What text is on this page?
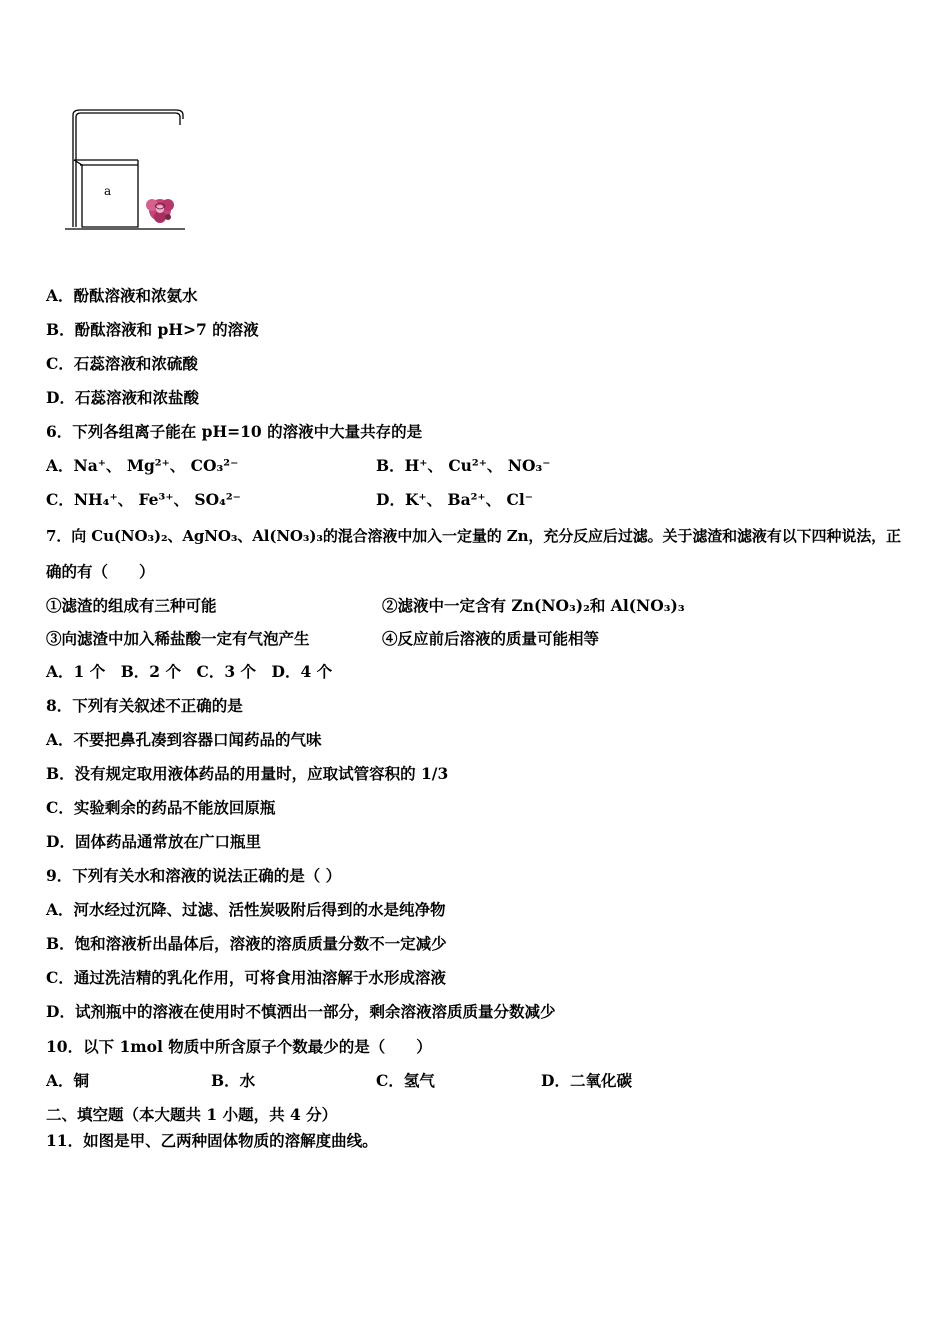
a
A．酚酞溶液和浓氨水
B．酚酞溶液和 pH>7 的溶液
C．石蕊溶液和浓硫酸
D．石蕊溶液和浓盐酸
6．下列各组离子能在 pH=10 的溶液中大量共存的是
A．Na⁺、 Mg²⁺、 CO₃²⁻	B．H⁺、 Cu²⁺、 NO₃⁻
C．NH₄⁺、 Fe³⁺、 SO₄²⁻	D．K⁺、 Ba²⁺、 Cl⁻
7．向 Cu(NO₃)₂、AgNO₃、Al(NO₃)₃的混合溶液中加入一定量的 Zn，充分反应后过滤。关于滤渣和滤液有以下四种说法，正
确的有（　　）
①滤渣的组成有三种可能	②滤液中一定含有 Zn(NO₃)₂和 Al(NO₃)₃
③向滤渣中加入稀盐酸一定有气泡产生	④反应前后溶液的质量可能相等
A．1 个　B．2 个　C．3 个　D．4 个
8．下列有关叙述不正确的是
A．不要把鼻孔凑到容器口闻药品的气味
B．没有规定取用液体药品的用量时，应取试管容积的 1/3
C．实验剩余的药品不能放回原瓶
D．固体药品通常放在广口瓶里
9．下列有关水和溶液的说法正确的是（ ）
A．河水经过沉降、过滤、活性炭吸附后得到的水是纯净物
B．饱和溶液析出晶体后，溶液的溶质质量分数不一定减少
C．通过洗洁精的乳化作用，可将食用油溶解于水形成溶液
D．试剂瓶中的溶液在使用时不慎洒出一部分，剩余溶液溶质质量分数减少
10．以下 1mol 物质中所含原子个数最少的是（　　）
A．铜	B．水	C．氢气	D．二氧化碳
二、填空题（本大题共 1 小题，共 4 分）
11．如图是甲、乙两种固体物质的溶解度曲线。
